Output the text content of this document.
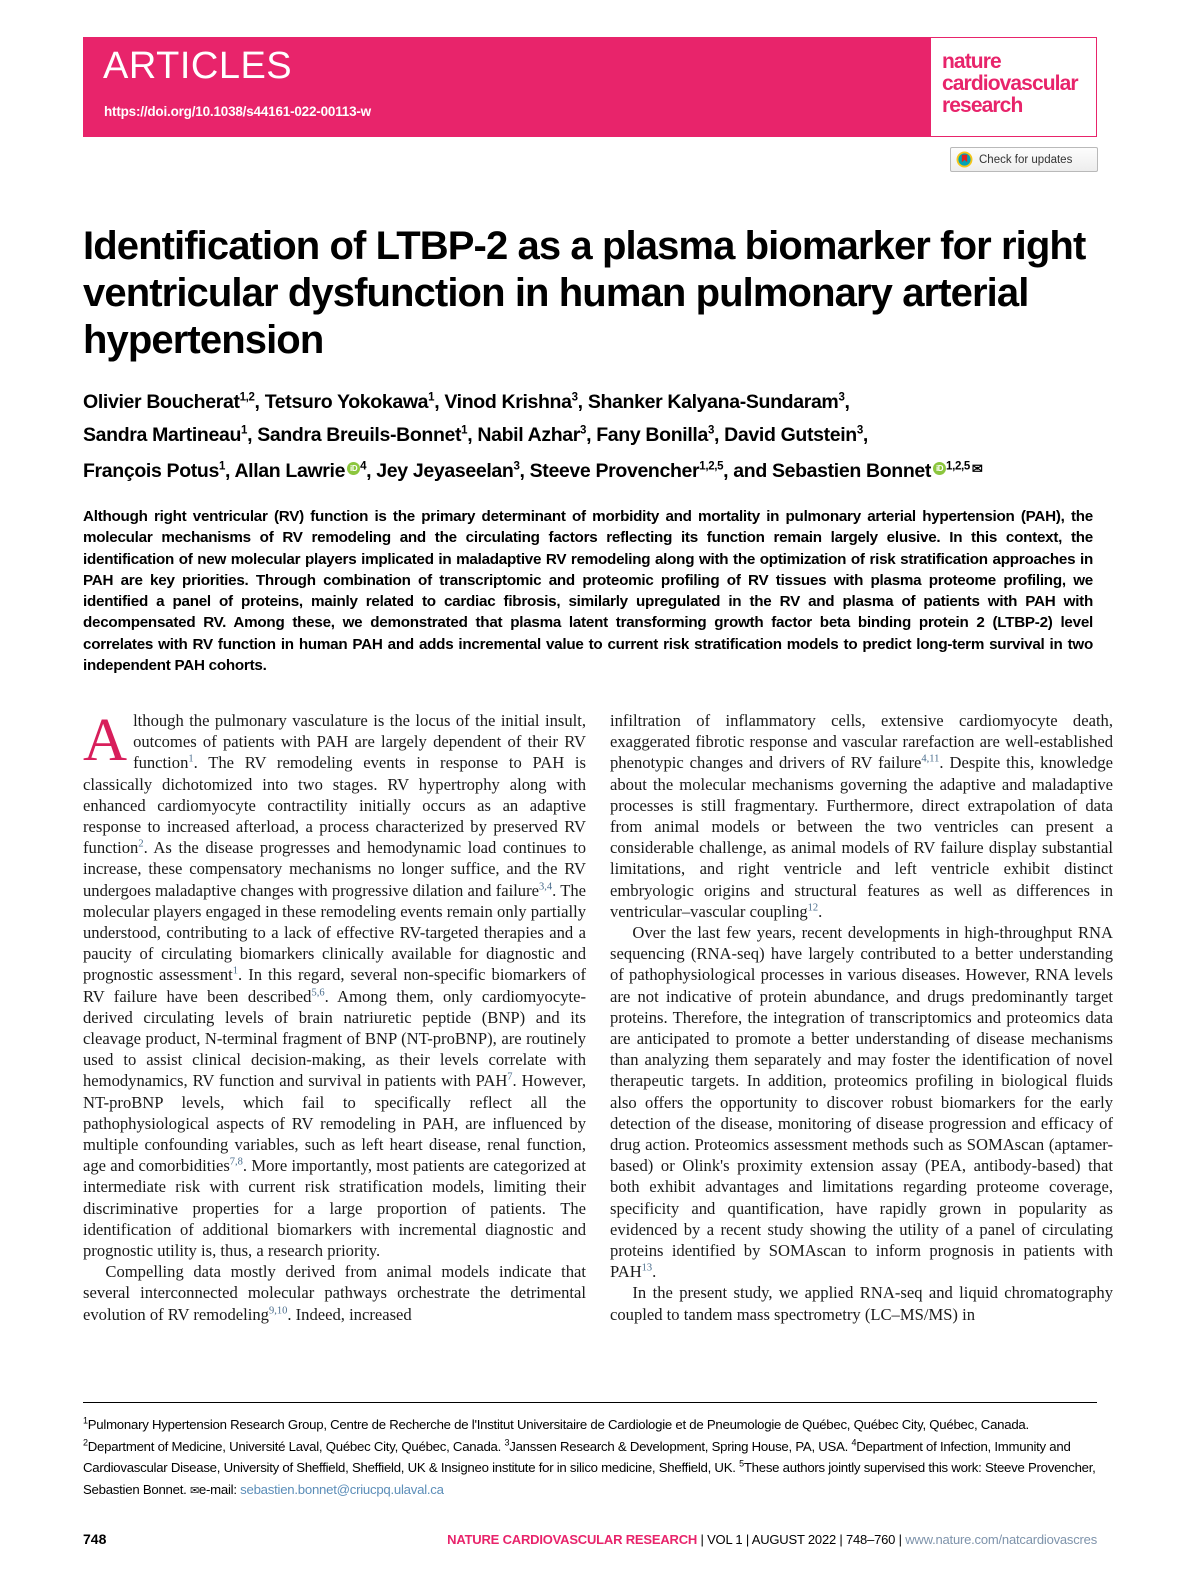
ARTICLES
https://doi.org/10.1038/s44161-022-00113-w
nature
cardiovascular
research
Check for updates
Identification of LTBP-2 as a plasma biomarker for right ventricular dysfunction in human pulmonary arterial hypertension
Olivier Boucherat$^{1,2}$, Tetsuro Yokokawa$^1$, Vinod Krishna$^3$, Shanker Kalyana-Sundaram$^3$,
Sandra Martineau$^1$, Sandra Breuils-Bonnet$^1$, Nabil Azhar$^3$, Fany Bonilla$^3$, David Gutstein$^3$,
François Potus$^1$, Allan Lawrie iD $^4$, Jey Jeyaseelan$^3$, Steeve Provencher$^{1,2,5}$, and Sebastien Bonnet iD $^{1,2,5}$ ✉
Although right ventricular (RV) function is the primary determinant of morbidity and mortality in pulmonary arterial hypertension (PAH), the molecular mechanisms of RV remodeling and the circulating factors reflecting its function remain largely elusive. In this context, the identification of new molecular players implicated in maladaptive RV remodeling along with the optimization of risk stratification approaches in PAH are key priorities. Through combination of transcriptomic and proteomic profiling of RV tissues with plasma proteome profiling, we identified a panel of proteins, mainly related to cardiac fibrosis, similarly upregulated in the RV and plasma of patients with PAH with decompensated RV. Among these, we demonstrated that plasma latent transforming growth factor beta binding protein 2 (LTBP-2) level correlates with RV function in human PAH and adds incremental value to current risk stratification models to predict long-term survival in two independent PAH cohorts.

Although the pulmonary vasculature is the locus of the initial insult, outcomes of patients with PAH are largely dependent of their RV function$^1$. The RV remodeling events in response to PAH is classically dichotomized into two stages. RV hypertrophy along with enhanced cardiomyocyte contractility initially occurs as an adaptive response to increased afterload, a process characterized by preserved RV function$^2$. As the disease progresses and hemodynamic load continues to increase, these compensatory mechanisms no longer suffice, and the RV undergoes maladaptive changes with progressive dilation and failure$^{3,4}$. The molecular players engaged in these remodeling events remain only partially understood, contributing to a lack of effective RV-targeted therapies and a paucity of circulating biomarkers clinically available for diagnostic and prognostic assessment$^1$. In this regard, several non-specific biomarkers of RV failure have been described$^{5,6}$. Among them, only cardiomyocyte-derived circulating levels of brain natriuretic peptide (BNP) and its cleavage product, N-terminal fragment of BNP (NT-proBNP), are routinely used to assist clinical decision-making, as their levels correlate with hemodynamics, RV function and survival in patients with PAH$^7$. However, NT-proBNP levels, which fail to specifically reflect all the pathophysiological aspects of RV remodeling in PAH, are influenced by multiple confounding variables, such as left heart disease, renal function, age and comorbidities$^{7,8}$. More importantly, most patients are categorized at intermediate risk with current risk stratification models, limiting their discriminative properties for a large proportion of patients. The identification of additional biomarkers with incremental diagnostic and prognostic utility is, thus, a research priority.

Compelling data mostly derived from animal models indicate that several interconnected molecular pathways orchestrate the detrimental evolution of RV remodeling$^{9,10}$. Indeed, increased

infiltration of inflammatory cells, extensive cardiomyocyte death, exaggerated fibrotic response and vascular rarefaction are well-established phenotypic changes and drivers of RV failure$^{4,11}$. Despite this, knowledge about the molecular mechanisms governing the adaptive and maladaptive processes is still fragmentary. Furthermore, direct extrapolation of data from animal models or between the two ventricles can present a considerable challenge, as animal models of RV failure display substantial limitations, and right ventricle and left ventricle exhibit distinct embryologic origins and structural features as well as differences in ventricular–vascular coupling$^{12}$.

Over the last few years, recent developments in high-throughput RNA sequencing (RNA-seq) have largely contributed to a better understanding of pathophysiological processes in various diseases. However, RNA levels are not indicative of protein abundance, and drugs predominantly target proteins. Therefore, the integration of transcriptomics and proteomics data are anticipated to promote a better understanding of disease mechanisms than analyzing them separately and may foster the identification of novel therapeutic targets. In addition, proteomics profiling in biological fluids also offers the opportunity to discover robust biomarkers for the early detection of the disease, monitoring of disease progression and efficacy of drug action. Proteomics assessment methods such as SOMAscan (aptamer-based) or Olink's proximity extension assay (PEA, antibody-based) that both exhibit advantages and limitations regarding proteome coverage, specificity and quantification, have rapidly grown in popularity as evidenced by a recent study showing the utility of a panel of circulating proteins identified by SOMAscan to inform prognosis in patients with PAH$^{13}$.

In the present study, we applied RNA-seq and liquid chromatography coupled to tandem mass spectrometry (LC–MS/MS) in

$^1$Pulmonary Hypertension Research Group, Centre de Recherche de l'Institut Universitaire de Cardiologie et de Pneumologie de Québec, Québec City, Québec, Canada. $^2$Department of Medicine, Université Laval, Québec City, Québec, Canada. $^3$Janssen Research & Development, Spring House, PA, USA. $^4$Department of Infection, Immunity and Cardiovascular Disease, University of Sheffield, Sheffield, UK & Insigneo institute for in silico medicine, Sheffield, UK. $^5$These authors jointly supervised this work: Steeve Provencher, Sebastien Bonnet. ✉e-mail: sebastien.bonnet@criucpq.ulaval.ca
748	NATURE CARDIOVASCULAR RESEARCH | VOL 1 | AUGUST 2022 | 748–760 | www.nature.com/natcardiovascres
